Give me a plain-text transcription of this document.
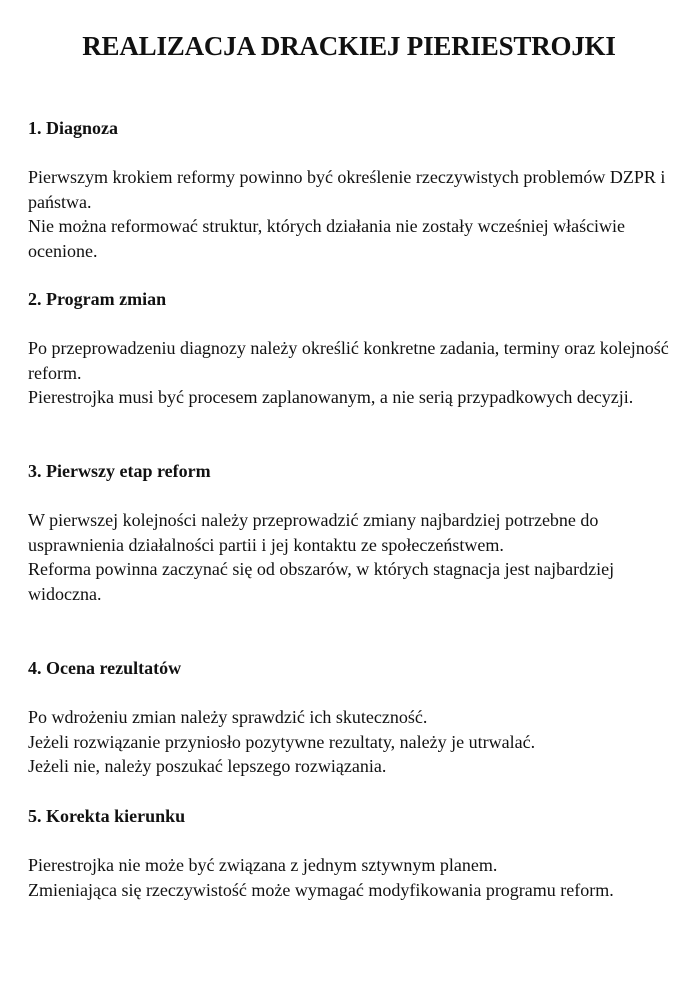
REALIZACJA DRACKIEJ PIERIESTROJKI
1. Diagnoza

Pierwszym krokiem reformy powinno być określenie rzeczywistych problemów DZPR i państwa.

Nie można reformować struktur, których działania nie zostały wcześniej właściwie ocenione.

2. Program zmian

Po przeprowadzeniu diagnozy należy określić konkretne zadania, terminy oraz kolejność reform.

Pierestrojka musi być procesem zaplanowanym, a nie serią przypadkowych decyzji.

3. Pierwszy etap reform

W pierwszej kolejności należy przeprowadzić zmiany najbardziej potrzebne do usprawnienia działalności partii i jej kontaktu ze społeczeństwem.

Reforma powinna zaczynać się od obszarów, w których stagnacja jest najbardziej widoczna.

4. Ocena rezultatów

Po wdrożeniu zmian należy sprawdzić ich skuteczność.

Jeżeli rozwiązanie przyniosło pozytywne rezultaty, należy je utrwalać.

Jeżeli nie, należy poszukać lepszego rozwiązania.

5. Korekta kierunku

Pierestrojka nie może być związana z jednym sztywnym planem.

Zmieniająca się rzeczywistość może wymagać modyfikowania programu reform.
